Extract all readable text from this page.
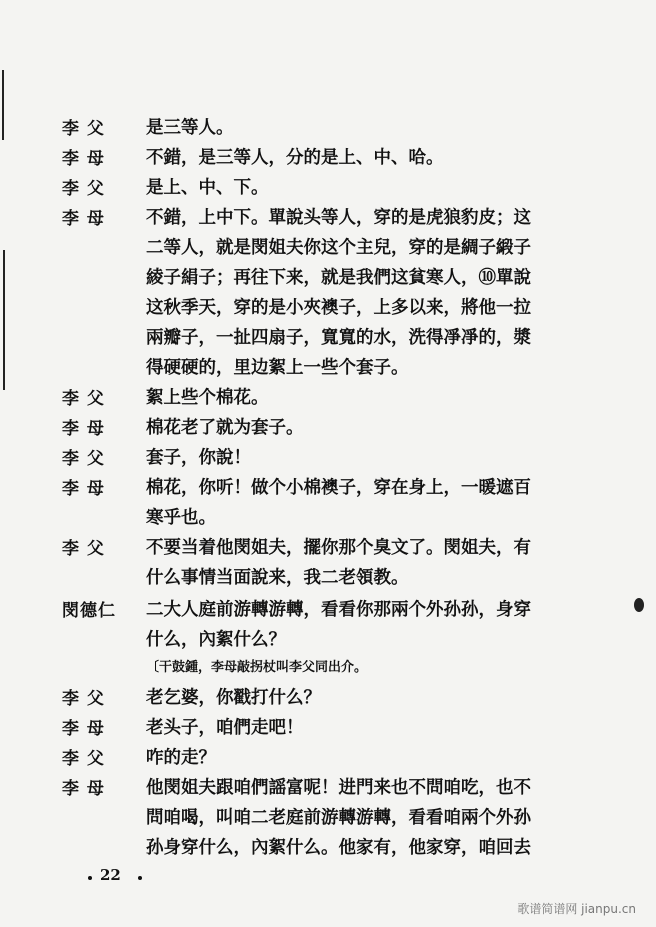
李 父	是三等人。
李 母	不錯，是三等人，分的是上、中、哈。
李 父	是上、中、下。
李 母	不錯，上中下。單說头等人，穿的是虎狼豹皮；这
二等人，就是閔姐夫你这个主兒，穿的是綢子緞子
綾子絹子；再往下来，就是我們这貧寒人，⑩單說
这秋季天，穿的是小夾襖子，上多以来，將他一拉
兩瓣子，一扯四扇子，寬寬的水，洗得凈凈的，漿
得硬硬的，里边絮上一些个套子。
李 父	絮上些个棉花。
李 母	棉花老了就为套子。
李 父	套子，你說！
李 母	棉花，你听！做个小棉襖子，穿在身上，一暖遮百
寒乎也。
李 父	不要当着他閔姐夫，擺你那个臭文了。閔姐夫，有
什么事情当面說来，我二老領教。
閔德仁	二大人庭前游轉游轉，看看你那兩个外孙孙，身穿
什么，內絮什么？
〔干鼓鍾，李母敲拐杖叫李父同出介。
李 父	老乞婆，你戳打什么？
李 母	老头子，咱們走吧！
李 父	咋的走？
李 母	他閔姐夫跟咱們謡富呢！进門来也不問咱吃，也不
問咱喝，叫咱二老庭前游轉游轉，看看咱兩个外孙
孙身穿什么，內絮什么。他家有，他家穿，咱回去
22
歌谱简谱网 jianpu.cn
